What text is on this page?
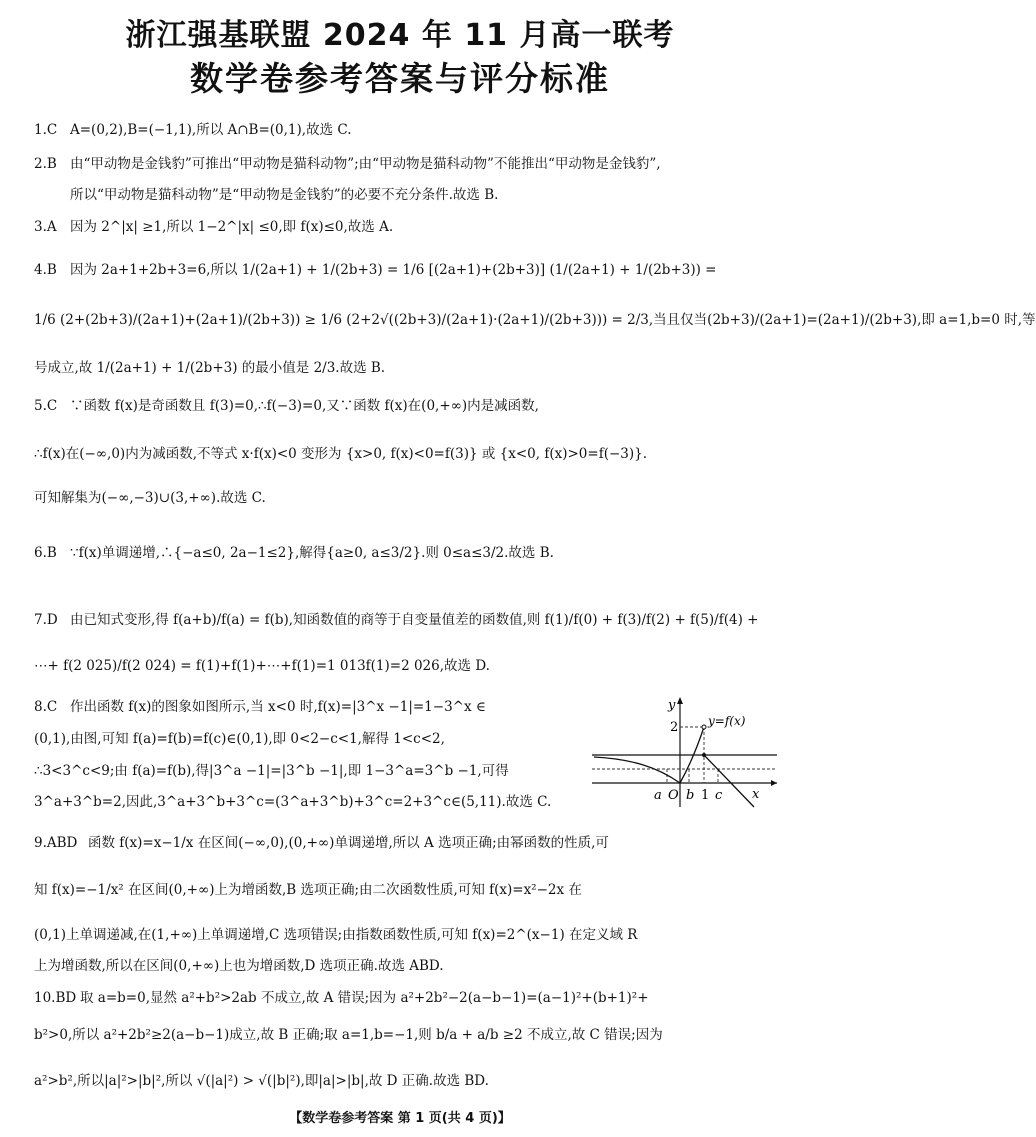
浙江强基联盟 2024 年 11 月高一联考
数学卷参考答案与评分标准
1.C A=(0,2),B=(−1,1),所以 A∩B=(0,1),故选 C.
2.B 由“甲动物是金钱豹”可推出“甲动物是猫科动物”;由“甲动物是猫科动物”不能推出“甲动物是金钱豹”,
所以“甲动物是猫科动物”是“甲动物是金钱豹”的必要不充分条件.故选 B.
3.A 因为 2^|x| ≥1,所以 1−2^|x| ≤0,即 f(x)≤0,故选 A.
4.B 因为 2a+1+2b+3=6,所以 1/(2a+1) + 1/(2b+3) = 1/6 [(2a+1)+(2b+3)] (1/(2a+1) + 1/(2b+3)) =
1/6 (2+(2b+3)/(2a+1)+(2a+1)/(2b+3)) ≥ 1/6 (2+2√((2b+3)/(2a+1)·(2a+1)/(2b+3))) = 2/3,当且仅当(2b+3)/(2a+1)=(2a+1)/(2b+3),即 a=1,b=0 时,等
号成立,故 1/(2a+1) + 1/(2b+3) 的最小值是 2/3.故选 B.
5.C ∵函数 f(x)是奇函数且 f(3)=0,∴f(−3)=0,又∵函数 f(x)在(0,+∞)内是减函数,
∴f(x)在(−∞,0)内为减函数,不等式 x·f(x)<0 变形为 {x>0, f(x)<0=f(3)} 或 {x<0, f(x)>0=f(−3)}.
可知解集为(−∞,−3)∪(3,+∞).故选 C.
6.B ∵f(x)单调递增,∴{−a≤0, 2a−1≤2},解得{a≥0, a≤3/2}.则 0≤a≤3/2.故选 B.
7.D 由已知式变形,得 f(a+b)/f(a) = f(b),知函数值的商等于自变量值差的函数值,则 f(1)/f(0) + f(3)/f(2) + f(5)/f(4) +
⋯+ f(2 025)/f(2 024) = f(1)+f(1)+⋯+f(1)=1 013f(1)=2 026,故选 D.
8.C 作出函数 f(x)的图象如图所示,当 x<0 时,f(x)=|3^x −1|=1−3^x ∈
(0,1),由图,可知 f(a)=f(b)=f(c)∈(0,1),即 0<2−c<1,解得 1<c<2,
∴3<3^c<9;由 f(a)=f(b),得|3^a −1|=|3^b −1|,即 1−3^a=3^b −1,可得
3^a+3^b=2,因此,3^a+3^b+3^c=(3^a+3^b)+3^c=2+3^c∈(5,11).故选 C.
y
x
2 y=f(x)
a O b 1 c
9.ABD 函数 f(x)=x−1/x 在区间(−∞,0),(0,+∞)单调递增,所以 A 选项正确;由幂函数的性质,可
知 f(x)=−1/x² 在区间(0,+∞)上为增函数,B 选项正确;由二次函数性质,可知 f(x)=x²−2x 在
(0,1)上单调递减,在(1,+∞)上单调递增,C 选项错误;由指数函数性质,可知 f(x)=2^(x−1) 在定义域 R
上为增函数,所以在区间(0,+∞)上也为增函数,D 选项正确.故选 ABD.
10.BD 取 a=b=0,显然 a²+b²>2ab 不成立,故 A 错误;因为 a²+2b²−2(a−b−1)=(a−1)²+(b+1)²+
b²>0,所以 a²+2b²≥2(a−b−1)成立,故 B 正确;取 a=1,b=−1,则 b/a + a/b ≥2 不成立,故 C 错误;因为
a²>b²,所以|a|²>|b|²,所以 √(|a|²) > √(|b|²),即|a|>|b|,故 D 正确.故选 BD.
【数学卷参考答案 第 1 页(共 4 页)】
